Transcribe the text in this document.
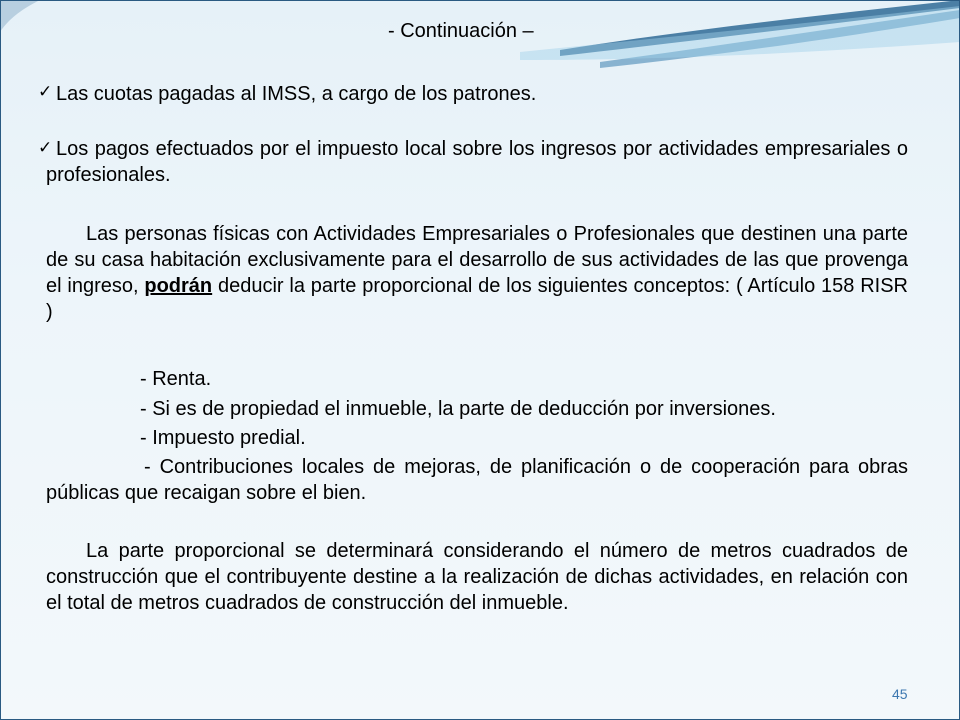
- Continuación –
✓ Las cuotas pagadas al IMSS, a cargo de los patrones.
✓ Los pagos efectuados por el impuesto local sobre los ingresos por actividades empresariales o profesionales.
Las personas físicas con Actividades Empresariales o Profesionales que destinen una parte de su casa habitación exclusivamente para el desarrollo de sus actividades de las que provenga el ingreso, podrán deducir la parte proporcional de los siguientes conceptos: ( Artículo 158 RISR )
- Renta.
- Si es de propiedad el inmueble, la parte de deducción por inversiones.
- Impuesto predial.
- Contribuciones locales de mejoras, de planificación o de cooperación para obras públicas que recaigan sobre el bien.
La parte proporcional se determinará considerando el número de metros cuadrados de construcción que el contribuyente destine a la realización de dichas actividades, en relación con el total de metros cuadrados de construcción del inmueble.
45
